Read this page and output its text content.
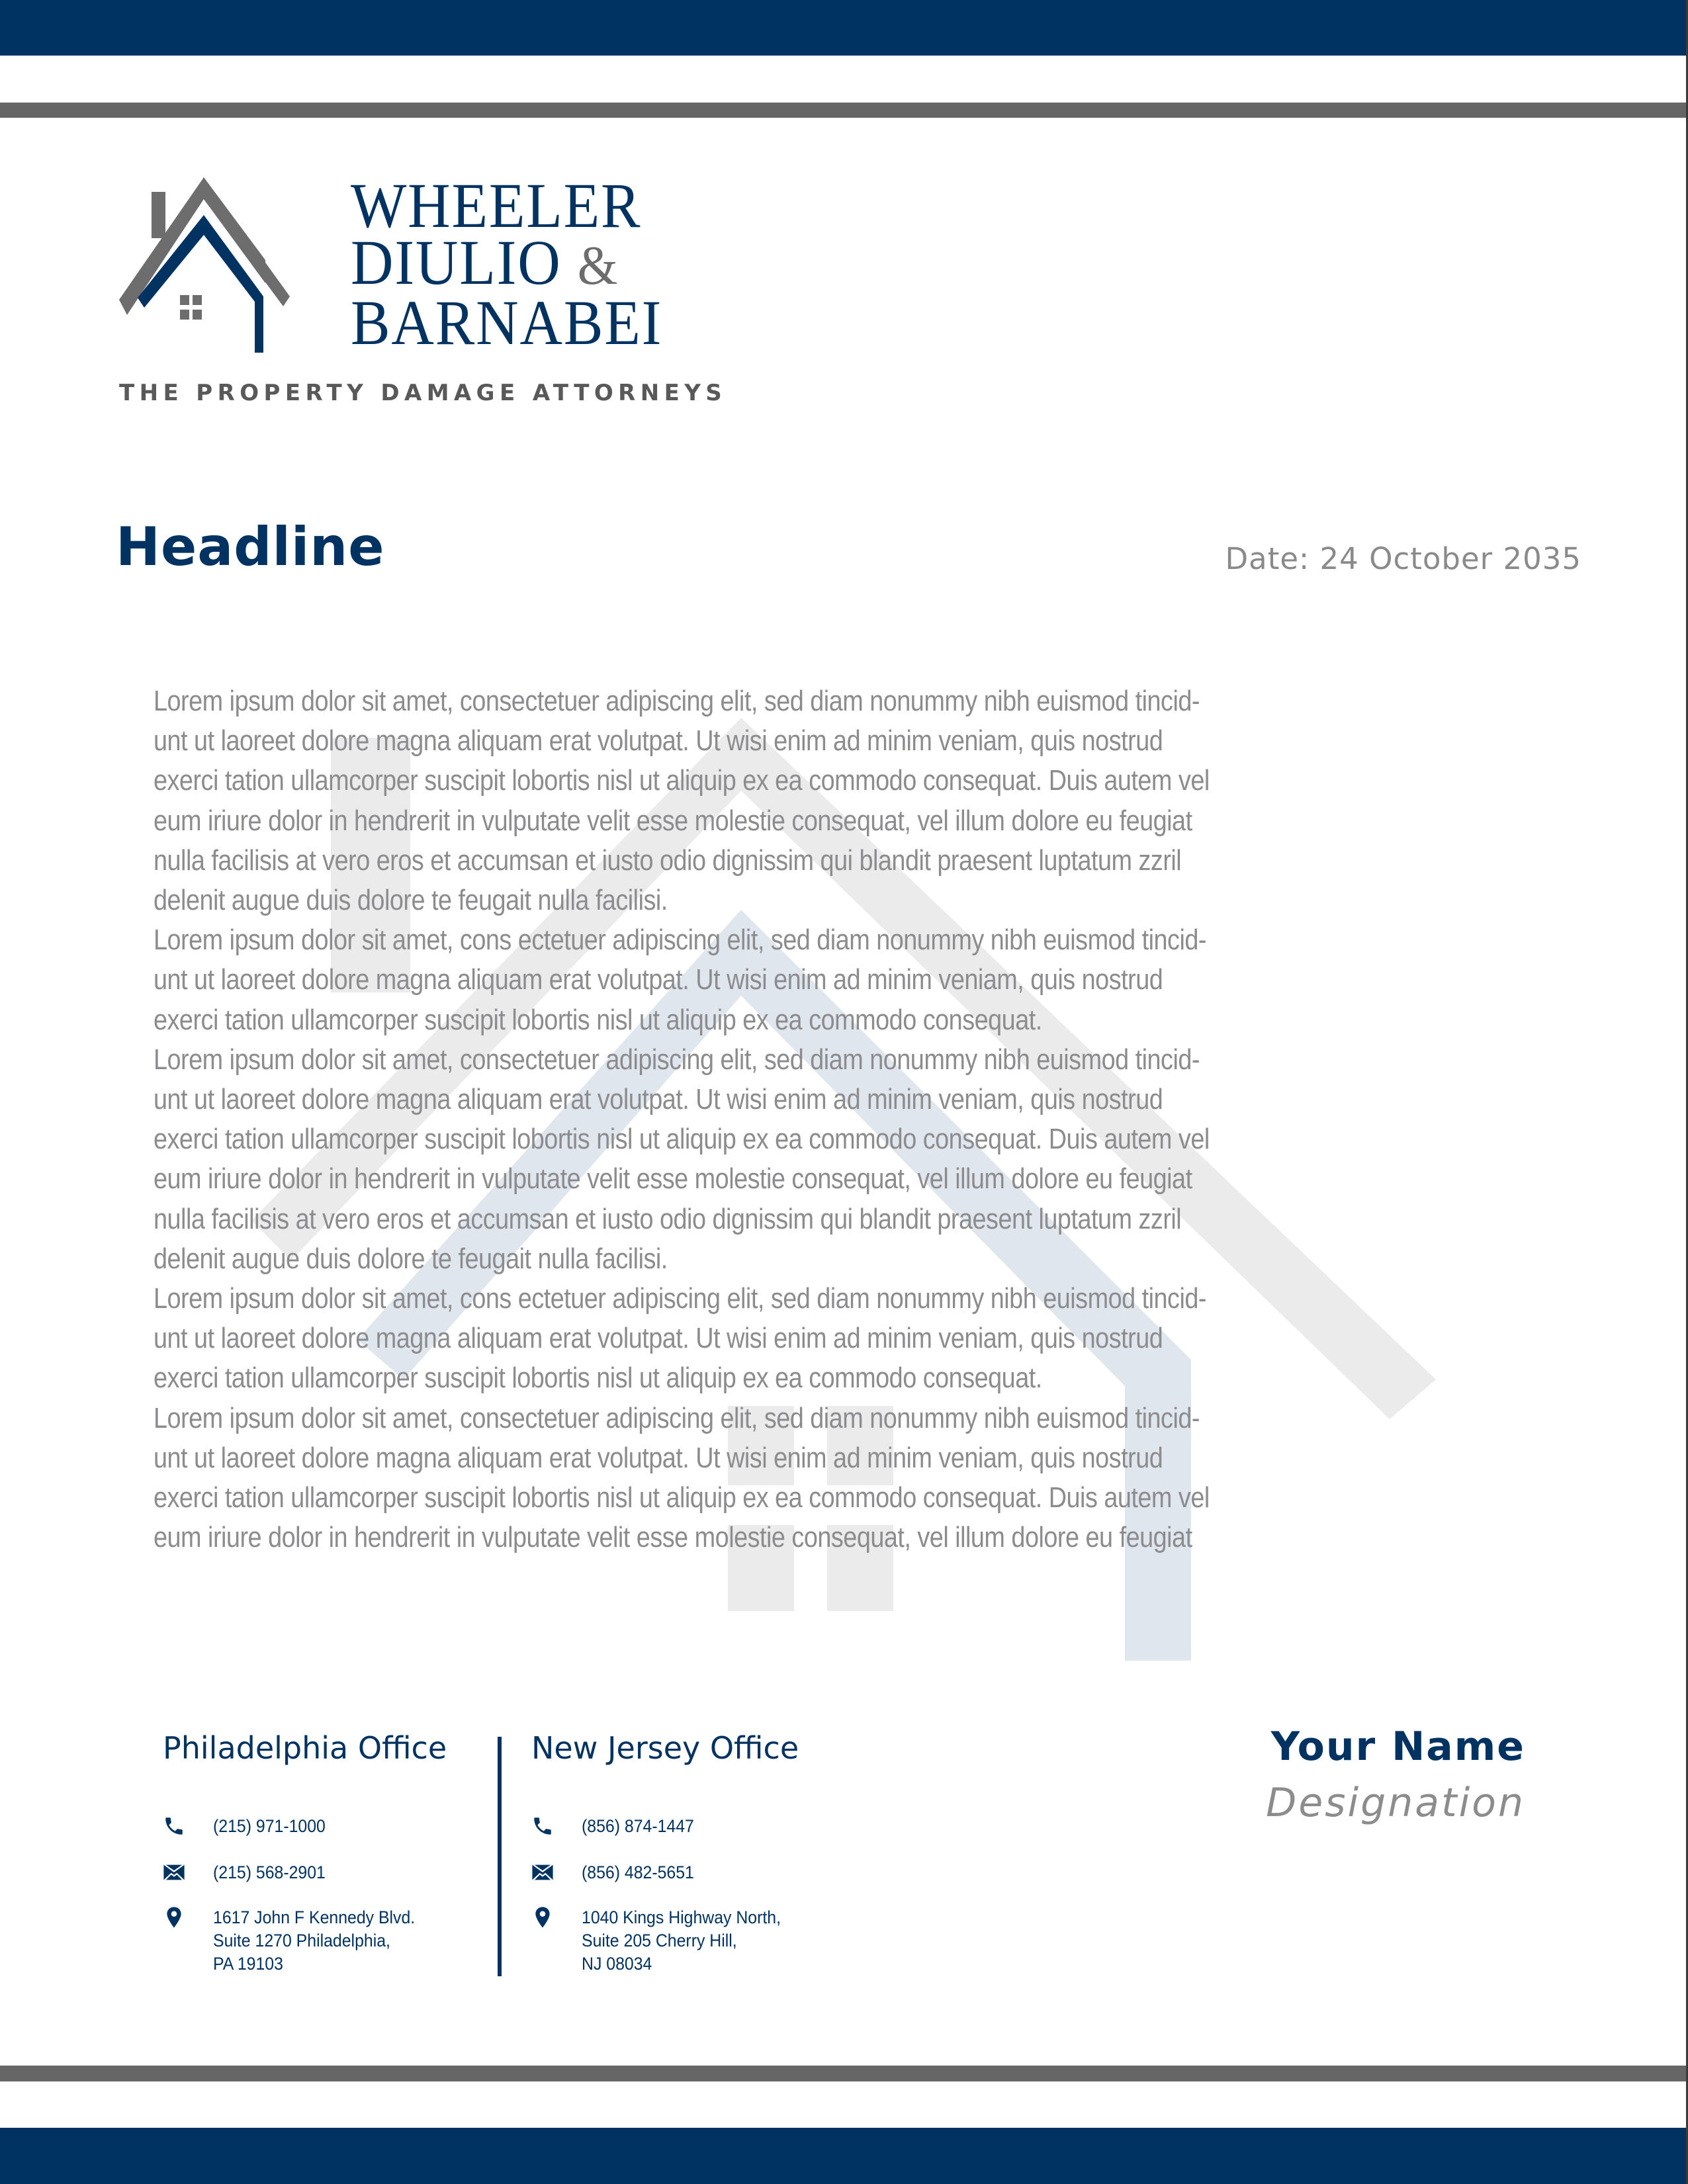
WHEELER
DIULIO &
BARNABEI
THE PROPERTY DAMAGE ATTORNEYS
Headline	Date: 24 October 2035
Lorem ipsum dolor sit amet, consectetuer adipiscing elit, sed diam nonummy nibh euismod tincid-
unt ut laoreet dolore magna aliquam erat volutpat. Ut wisi enim ad minim veniam, quis nostrud
exerci tation ullamcorper suscipit lobortis nisl ut aliquip ex ea commodo consequat. Duis autem vel
eum iriure dolor in hendrerit in vulputate velit esse molestie consequat, vel illum dolore eu feugiat
nulla facilisis at vero eros et accumsan et iusto odio dignissim qui blandit praesent luptatum zzril
delenit augue duis dolore te feugait nulla facilisi.
Lorem ipsum dolor sit amet, cons ectetuer adipiscing elit, sed diam nonummy nibh euismod tincid-
unt ut laoreet dolore magna aliquam erat volutpat. Ut wisi enim ad minim veniam, quis nostrud
exerci tation ullamcorper suscipit lobortis nisl ut aliquip ex ea commodo consequat.
Lorem ipsum dolor sit amet, consectetuer adipiscing elit, sed diam nonummy nibh euismod tincid-
unt ut laoreet dolore magna aliquam erat volutpat. Ut wisi enim ad minim veniam, quis nostrud
exerci tation ullamcorper suscipit lobortis nisl ut aliquip ex ea commodo consequat. Duis autem vel
eum iriure dolor in hendrerit in vulputate velit esse molestie consequat, vel illum dolore eu feugiat
nulla facilisis at vero eros et accumsan et iusto odio dignissim qui blandit praesent luptatum zzril
delenit augue duis dolore te feugait nulla facilisi.
Lorem ipsum dolor sit amet, cons ectetuer adipiscing elit, sed diam nonummy nibh euismod tincid-
unt ut laoreet dolore magna aliquam erat volutpat. Ut wisi enim ad minim veniam, quis nostrud
exerci tation ullamcorper suscipit lobortis nisl ut aliquip ex ea commodo consequat.
Lorem ipsum dolor sit amet, consectetuer adipiscing elit, sed diam nonummy nibh euismod tincid-
unt ut laoreet dolore magna aliquam erat volutpat. Ut wisi enim ad minim veniam, quis nostrud
exerci tation ullamcorper suscipit lobortis nisl ut aliquip ex ea commodo consequat. Duis autem vel
eum iriure dolor in hendrerit in vulputate velit esse molestie consequat, vel illum dolore eu feugiat
Philadelphia Office
(215) 971-1000
(215) 568-2901
1617 John F Kennedy Blvd.
Suite 1270 Philadelphia,
PA 19103
New Jersey Office
(856) 874-1447
(856) 482-5651
1040 Kings Highway North,
Suite 205 Cherry Hill,
NJ 08034
Your Name
Designation
